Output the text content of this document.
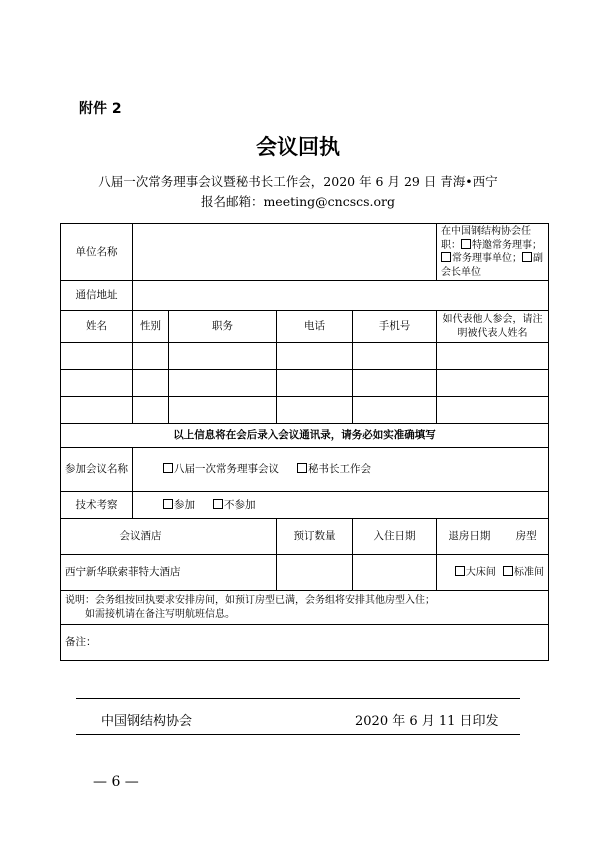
附件 2
会议回执
八届一次常务理事会议暨秘书长工作会，2020 年 6 月 29 日 青海•西宁
报名邮箱：meeting@cncscs.org
单位名称					在中国钢结构协会任职： 特邀常务理事；常务理事单位； 副会长单位
通信地址					
姓名	性别	职务	电话	手机号	如代表他人参会，请注明被代表人姓名

以上信息将在会后录入会议通讯录，请务必如实准确填写					
参加会议名称	八届一次常务理事会议 秘书长工作会				
技术考察	参加 不参加				
会议酒店			预订数量	入住日期	退房日期 房型
西宁新华联索菲特大酒店					大床间 标准间

说明：会务组按回执要求安排房间，如预订房型已满，会务组将安排其他房型入住；
如需接机请在备注写明航班信息。					

备注：					
中国钢结构协会	2020 年 6 月 11 日印发
— 6 —
